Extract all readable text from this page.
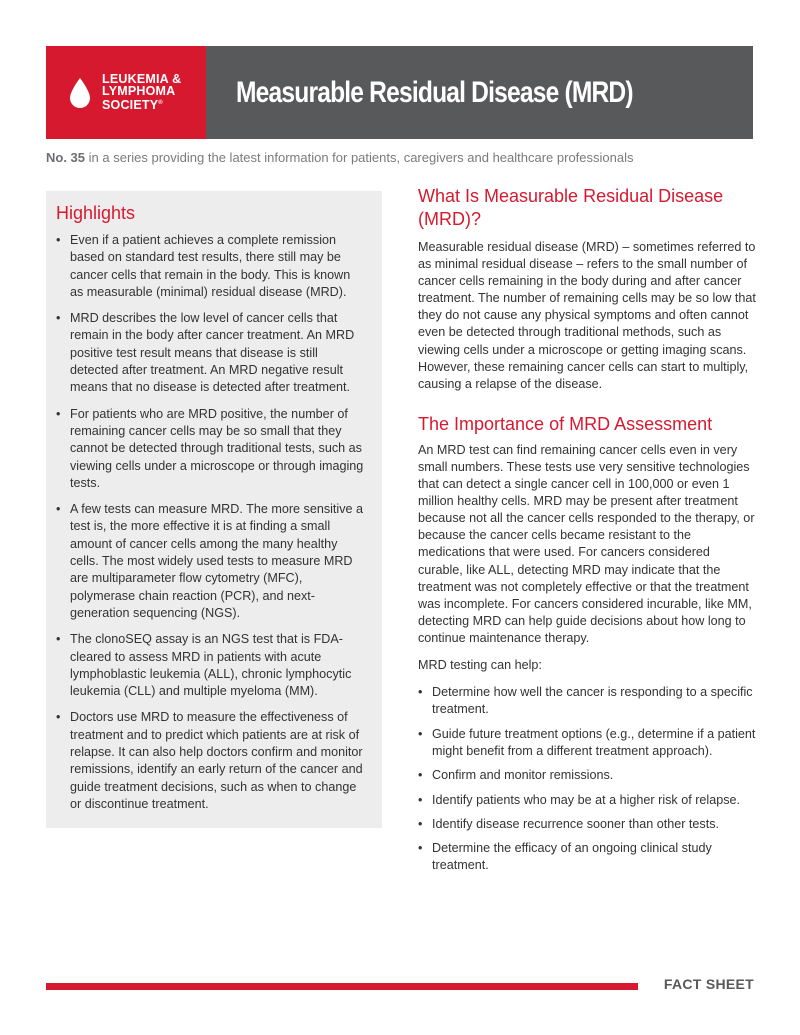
LEUKEMIA &
LYMPHOMA
SOCIETY®	Measurable Residual Disease (MRD)
No. 35 in a series providing the latest information for patients, caregivers and healthcare professionals
Highlights
• Even if a patient achieves a complete remission based on standard test results, there still may be cancer cells that remain in the body. This is known as measurable (minimal) residual disease (MRD).
• MRD describes the low level of cancer cells that remain in the body after cancer treatment. An MRD positive test result means that disease is still detected after treatment. An MRD negative result means that no disease is detected after treatment.
• For patients who are MRD positive, the number of remaining cancer cells may be so small that they cannot be detected through traditional tests, such as viewing cells under a microscope or through imaging tests.
• A few tests can measure MRD. The more sensitive a test is, the more effective it is at finding a small amount of cancer cells among the many healthy cells. The most widely used tests to measure MRD are multiparameter flow cytometry (MFC), polymerase chain reaction (PCR), and next-generation sequencing (NGS).
• The clonoSEQ assay is an NGS test that is FDA-cleared to assess MRD in patients with acute lymphoblastic leukemia (ALL), chronic lymphocytic leukemia (CLL) and multiple myeloma (MM).
• Doctors use MRD to measure the effectiveness of treatment and to predict which patients are at risk of relapse. It can also help doctors confirm and monitor remissions, identify an early return of the cancer and guide treatment decisions, such as when to change or discontinue treatment.
What Is Measurable Residual Disease (MRD)?

Measurable residual disease (MRD) – sometimes referred to as minimal residual disease – refers to the small number of cancer cells remaining in the body during and after cancer treatment. The number of remaining cells may be so low that they do not cause any physical symptoms and often cannot even be detected through traditional methods, such as viewing cells under a microscope or getting imaging scans. However, these remaining cancer cells can start to multiply, causing a relapse of the disease.

The Importance of MRD Assessment

An MRD test can find remaining cancer cells even in very small numbers. These tests use very sensitive technologies that can detect a single cancer cell in 100,000 or even 1 million healthy cells. MRD may be present after treatment because not all the cancer cells responded to the therapy, or because the cancer cells became resistant to the medications that were used. For cancers considered curable, like ALL, detecting MRD may indicate that the treatment was not completely effective or that the treatment was incomplete. For cancers considered incurable, like MM, detecting MRD can help guide decisions about how long to continue maintenance therapy.

MRD testing can help:

• Determine how well the cancer is responding to a specific treatment.
• Guide future treatment options (e.g., determine if a patient might benefit from a different treatment approach).
• Confirm and monitor remissions.
• Identify patients who may be at a higher risk of relapse.
• Identify disease recurrence sooner than other tests.
• Determine the efficacy of an ongoing clinical study treatment.
FACT SHEET
